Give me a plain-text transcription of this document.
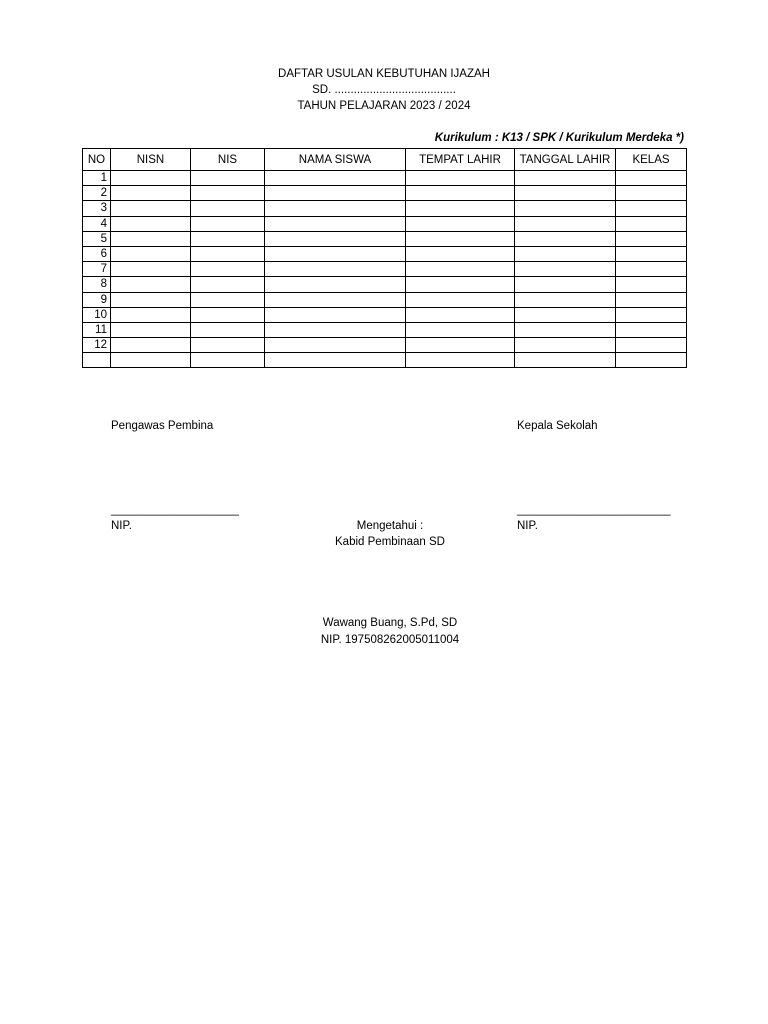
DAFTAR USULAN KEBUTUHAN IJAZAH
SD. ......................................
TAHUN PELAJARAN 2023 / 2024
Kurikulum : K13 / SPK / Kurikulum Merdeka *)
NO	NISN	NIS	NAMA SISWA	TEMPAT LAHIR	TANGGAL LAHIR	KELAS
1						
2						
3						
4						
5						
6						
7						
8						
9						
10						
11						
12						

Pengawas Pembina	Kepala Sekolah
____________________	________________________
NIP.	NIP.
Mengetahui :
Kabid Pembinaan SD
Wawang Buang, S.Pd, SD
NIP. 197508262005011004
